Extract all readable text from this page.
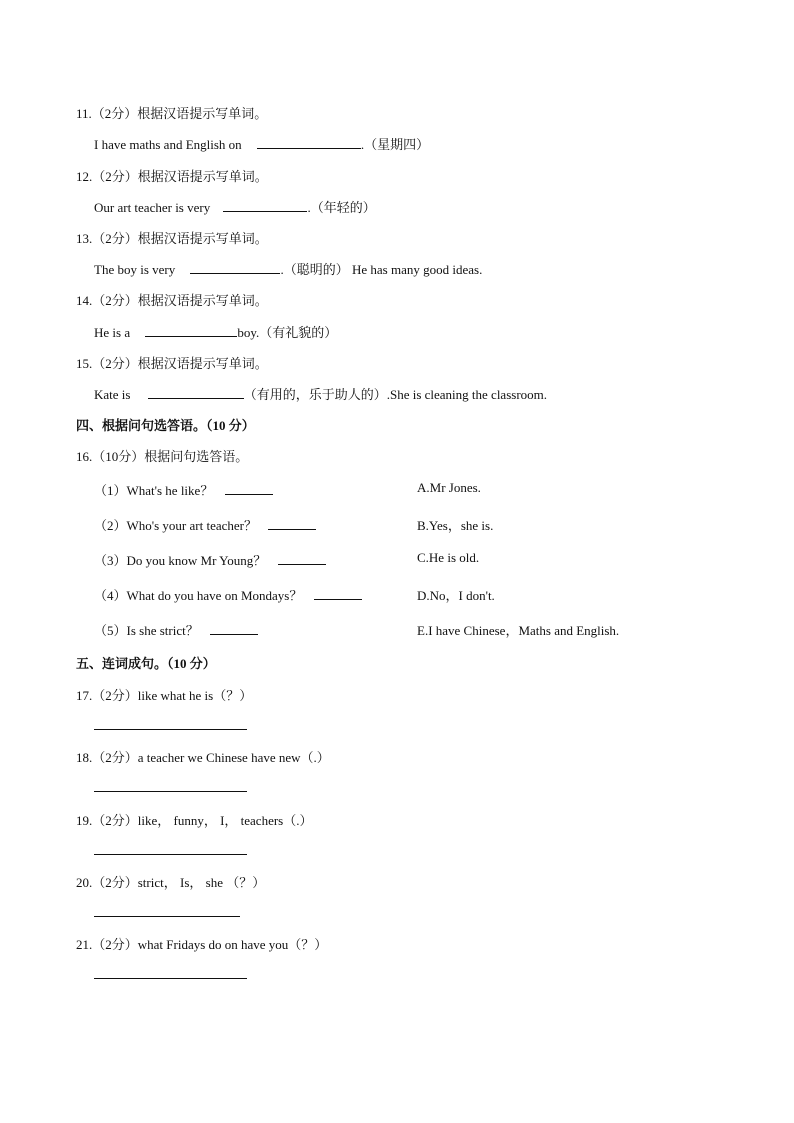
11.（2分）根据汉语提示写单词。
I have maths and English on	.（星期四）
12.（2分）根据汉语提示写单词。
Our art teacher is very	.（年轻的）
13.（2分）根据汉语提示写单词。
The boy is very	.（聪明的） He has many good ideas.
14.（2分）根据汉语提示写单词。
He is a	boy.（有礼貌的）
15.（2分）根据汉语提示写单词。
Kate is	（有用的，乐于助人的）.She is cleaning the classroom.
四、根据问句选答语。（10 分）
16.（10分）根据问句选答语。
（1）What's he like？	A.Mr Jones.
（2）Who's your art teacher？	B.Yes，she is.
（3）Do you know Mr Young？	C.He is old.
（4）What do you have on Mondays？	D.No，I don't.
（5）Is she strict？	E.I have Chinese，Maths and English.
五、连词成句。（10 分）
17.（2分）like what he is（？）
18.（2分）a teacher we Chinese have new（.）
19.（2分）like， funny， I， teachers（.）
20.（2分）strict， Is， she （？）
21.（2分）what Fridays do on have you（？）
